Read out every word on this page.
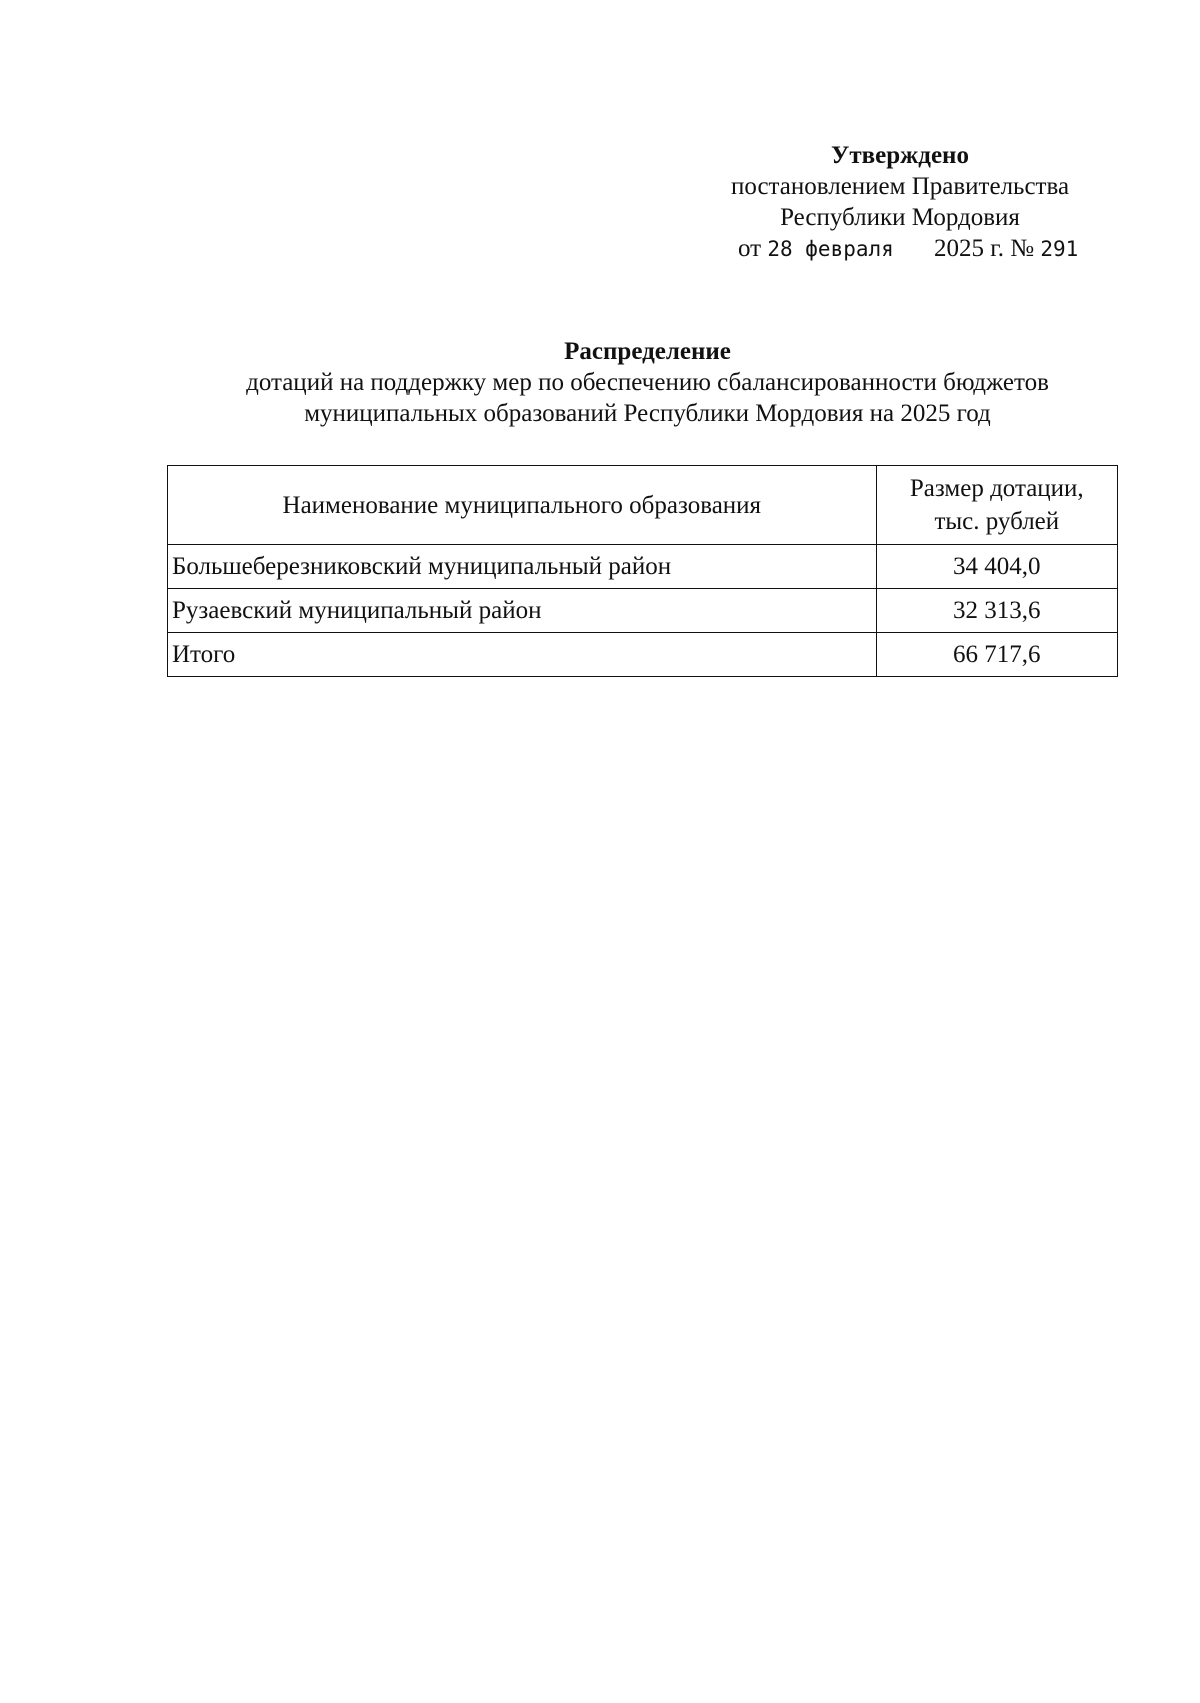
Утверждено
постановлением Правительства
Республики Мордовия
от 28 февраля 2025 г. № 291
Распределение
дотаций на поддержку мер по обеспечению сбалансированности бюджетов
муниципальных образований Республики Мордовия на 2025 год
Наименование муниципального образования	Размер дотации,
тыс. рублей

Большеберезниковский муниципальный район	34 404,0
Рузаевский муниципальный район	32 313,6
Итого	66 717,6
